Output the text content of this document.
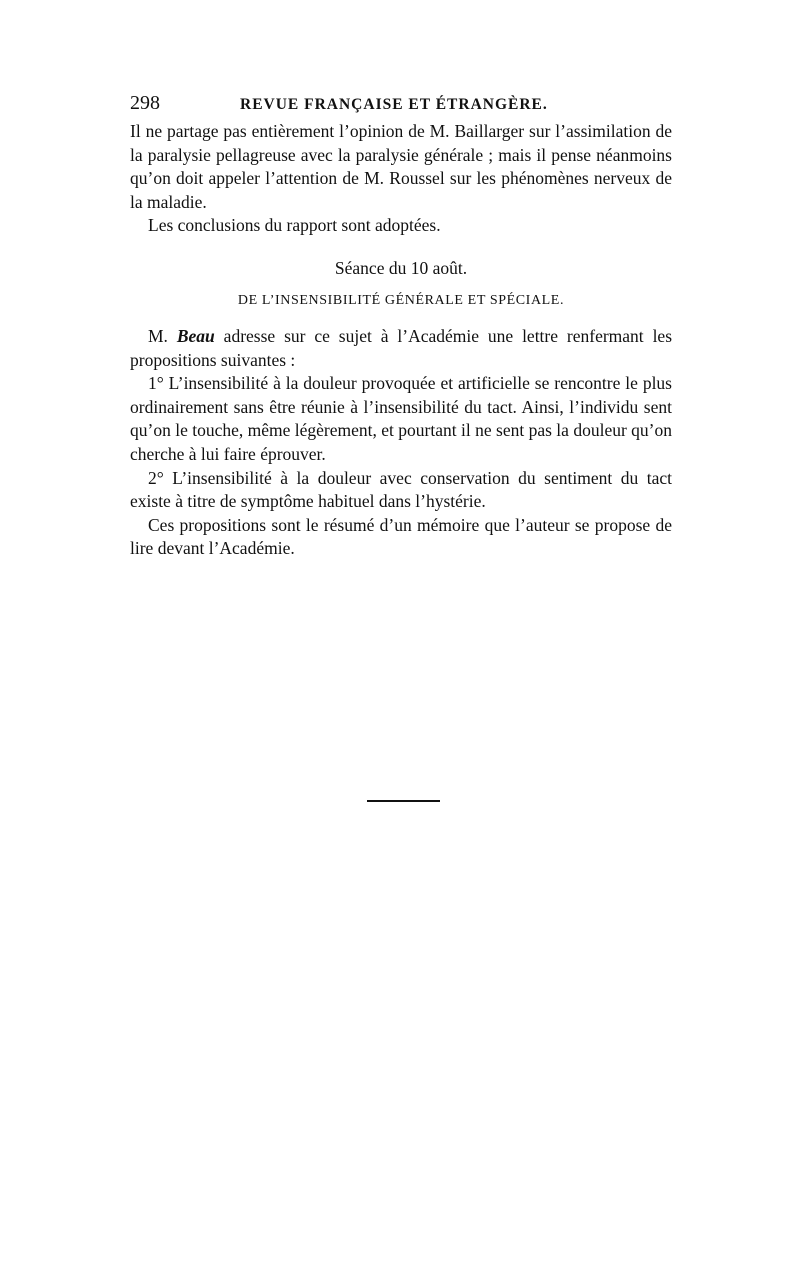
298	REVUE FRANÇAISE ET ÉTRANGÈRE.

Il ne partage pas entièrement l’opinion de M. Baillarger sur l’assimilation de la paralysie pellagreuse avec la paralysie générale ; mais il pense néanmoins qu’on doit appeler l’attention de M. Roussel sur les phénomènes nerveux de la maladie.

Les conclusions du rapport sont adoptées.

Séance du 10 août.
DE L’INSENSIBILITÉ GÉNÉRALE ET SPÉCIALE.

M. Beau adresse sur ce sujet à l’Académie une lettre renfermant les propositions suivantes :

1° L’insensibilité à la douleur provoquée et artificielle se rencontre le plus ordinairement sans être réunie à l’insensibilité du tact. Ainsi, l’individu sent qu’on le touche, même légèrement, et pourtant il ne sent pas la douleur qu’on cherche à lui faire éprouver.

2° L’insensibilité à la douleur avec conservation du sentiment du tact existe à titre de symptôme habituel dans l’hystérie.

Ces propositions sont le résumé d’un mémoire que l’auteur se propose de lire devant l’Académie.
